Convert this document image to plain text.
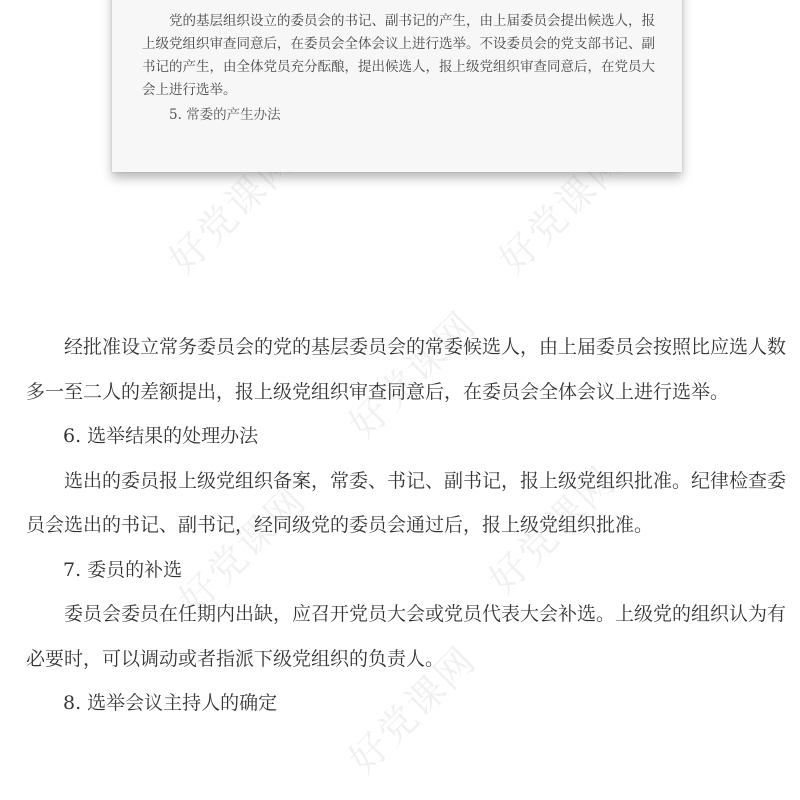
好党课网	好党课网
好党课网
好党课网
好党课网
好党课网

党的基层组织设立的委员会的书记、副书记的产生，由上届委员会提出候选人，报上级党组织审查同意后，在委员会全体会议上进行选举。不设委员会的党支部书记、副书记的产生，由全体党员充分酝酿，提出候选人，报上级党组织审查同意后，在党员大会上进行选举。

5. 常委的产生办法

经批准设立常务委员会的党的基层委员会的常委候选人，由上届委员会按照比应选人数多一至二人的差额提出，报上级党组织审查同意后，在委员会全体会议上进行选举。

6. 选举结果的处理办法

选出的委员报上级党组织备案，常委、书记、副书记，报上级党组织批准。纪律检查委员会选出的书记、副书记，经同级党的委员会通过后，报上级党组织批准。

7. 委员的补选

委员会委员在任期内出缺，应召开党员大会或党员代表大会补选。上级党的组织认为有必要时，可以调动或者指派下级党组织的负责人。

8. 选举会议主持人的确定
